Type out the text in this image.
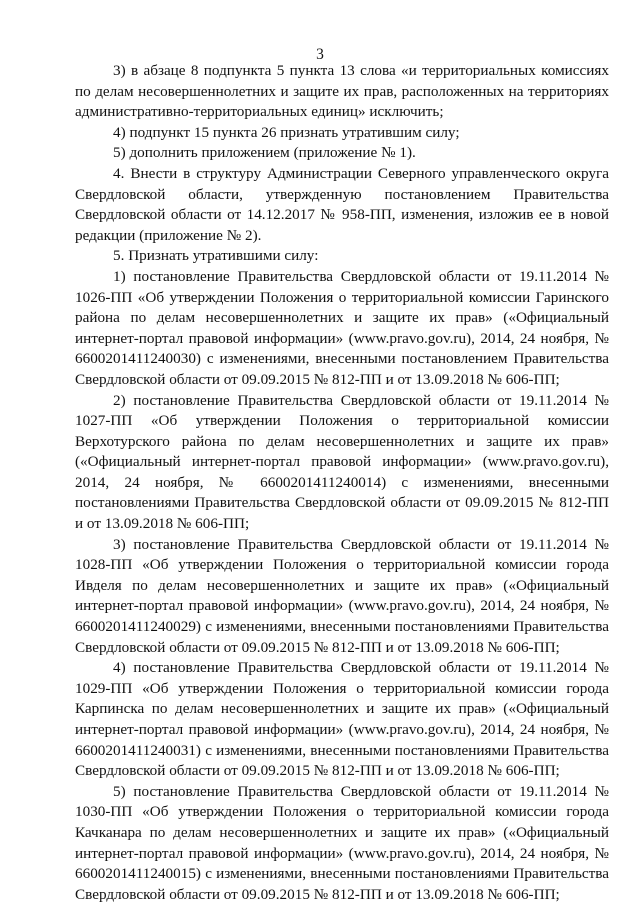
3

3) в абзаце 8 подпункта 5 пункта 13 слова «и территориальных комиссиях по делам несовершеннолетних и защите их прав, расположенных на территориях административно-территориальных единиц» исключить;

4) подпункт 15 пункта 26 признать утратившим силу;

5) дополнить приложением (приложение № 1).

4. Внести в структуру Администрации Северного управленческого округа Свердловской области, утвержденную постановлением Правительства Свердловской области от 14.12.2017 № 958-ПП, изменения, изложив ее в новой редакции (приложение № 2).

5. Признать утратившими силу:

1) постановление Правительства Свердловской области от 19.11.2014 № 1026-ПП «Об утверждении Положения о территориальной комиссии Гаринского района по делам несовершеннолетних и защите их прав» («Официальный интернет-портал правовой информации» (www.pravo.gov.ru), 2014, 24 ноября, № 6600201411240030) с изменениями, внесенными постановлением Правительства Свердловской области от 09.09.2015 № 812-ПП и от 13.09.2018 № 606-ПП;

2) постановление Правительства Свердловской области от 19.11.2014 № 1027-ПП «Об утверждении Положения о территориальной комиссии Верхотурского района по делам несовершеннолетних и защите их прав» («Официальный интернет-портал правовой информации» (www.pravo.gov.ru), 2014, 24 ноября, № 6600201411240014) с изменениями, внесенными постановлениями Правительства Свердловской области от 09.09.2015 № 812-ПП и от 13.09.2018 № 606-ПП;

3) постановление Правительства Свердловской области от 19.11.2014 № 1028-ПП «Об утверждении Положения о территориальной комиссии города Ивделя по делам несовершеннолетних и защите их прав» («Официальный интернет-портал правовой информации» (www.pravo.gov.ru), 2014, 24 ноября, № 6600201411240029) с изменениями, внесенными постановлениями Правительства Свердловской области от 09.09.2015 № 812-ПП и от 13.09.2018 № 606-ПП;

4) постановление Правительства Свердловской области от 19.11.2014 № 1029-ПП «Об утверждении Положения о территориальной комиссии города Карпинска по делам несовершеннолетних и защите их прав» («Официальный интернет-портал правовой информации» (www.pravo.gov.ru), 2014, 24 ноября, № 6600201411240031) с изменениями, внесенными постановлениями Правительства Свердловской области от 09.09.2015 № 812-ПП и от 13.09.2018 № 606-ПП;

5) постановление Правительства Свердловской области от 19.11.2014 № 1030-ПП «Об утверждении Положения о территориальной комиссии города Качканара по делам несовершеннолетних и защите их прав» («Официальный интернет-портал правовой информации» (www.pravo.gov.ru), 2014, 24 ноября, № 6600201411240015) с изменениями, внесенными постановлениями Правительства Свердловской области от 09.09.2015 № 812-ПП и от 13.09.2018 № 606-ПП;
